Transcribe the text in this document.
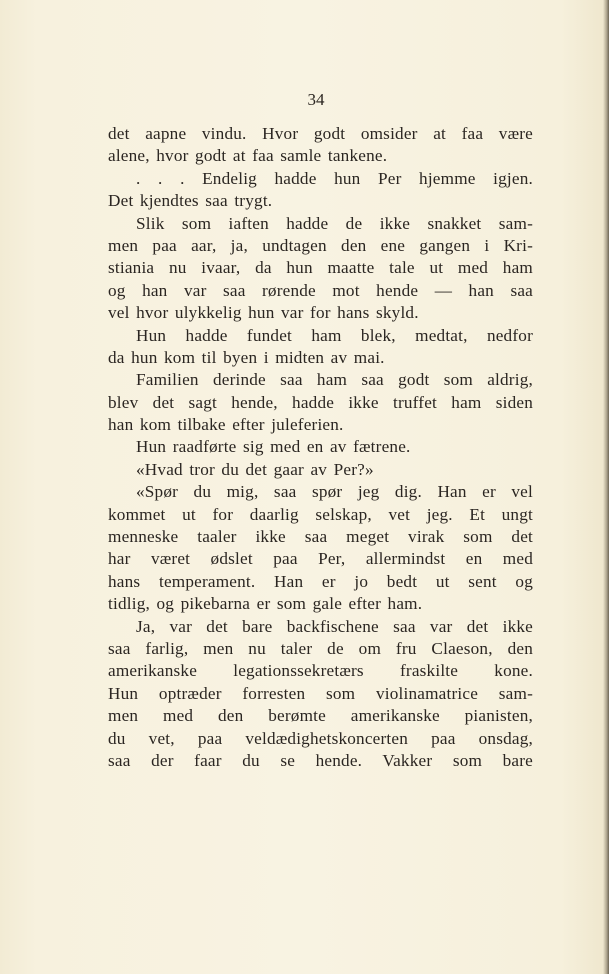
34
det aapne vindu. Hvor godt omsider at faa være
alene, hvor godt at faa samle tankene.
. . . Endelig hadde hun Per hjemme igjen.
Det kjendtes saa trygt.
Slik som iaften hadde de ikke snakket sam-
men paa aar, ja, undtagen den ene gangen i Kri-
stiania nu ivaar, da hun maatte tale ut med ham
og han var saa rørende mot hende — han saa
vel hvor ulykkelig hun var for hans skyld.
Hun hadde fundet ham blek, medtat, nedfor
da hun kom til byen i midten av mai.
Familien derinde saa ham saa godt som aldrig,
blev det sagt hende, hadde ikke truffet ham siden
han kom tilbake efter juleferien.
Hun raadførte sig med en av fætrene.
«Hvad tror du det gaar av Per?»
«Spør du mig, saa spør jeg dig. Han er vel
kommet ut for daarlig selskap, vet jeg. Et ungt
menneske taaler ikke saa meget virak som det
har været ødslet paa Per, allermindst en med
hans temperament. Han er jo bedt ut sent og
tidlig, og pikebarna er som gale efter ham.
Ja, var det bare backfischene saa var det ikke
saa farlig, men nu taler de om fru Claeson, den
amerikanske legationssekretærs fraskilte kone.
Hun optræder forresten som violinamatrice sam-
men med den berømte amerikanske pianisten,
du vet, paa veldædighetskoncerten paa onsdag,
saa der faar du se hende. Vakker som bare
